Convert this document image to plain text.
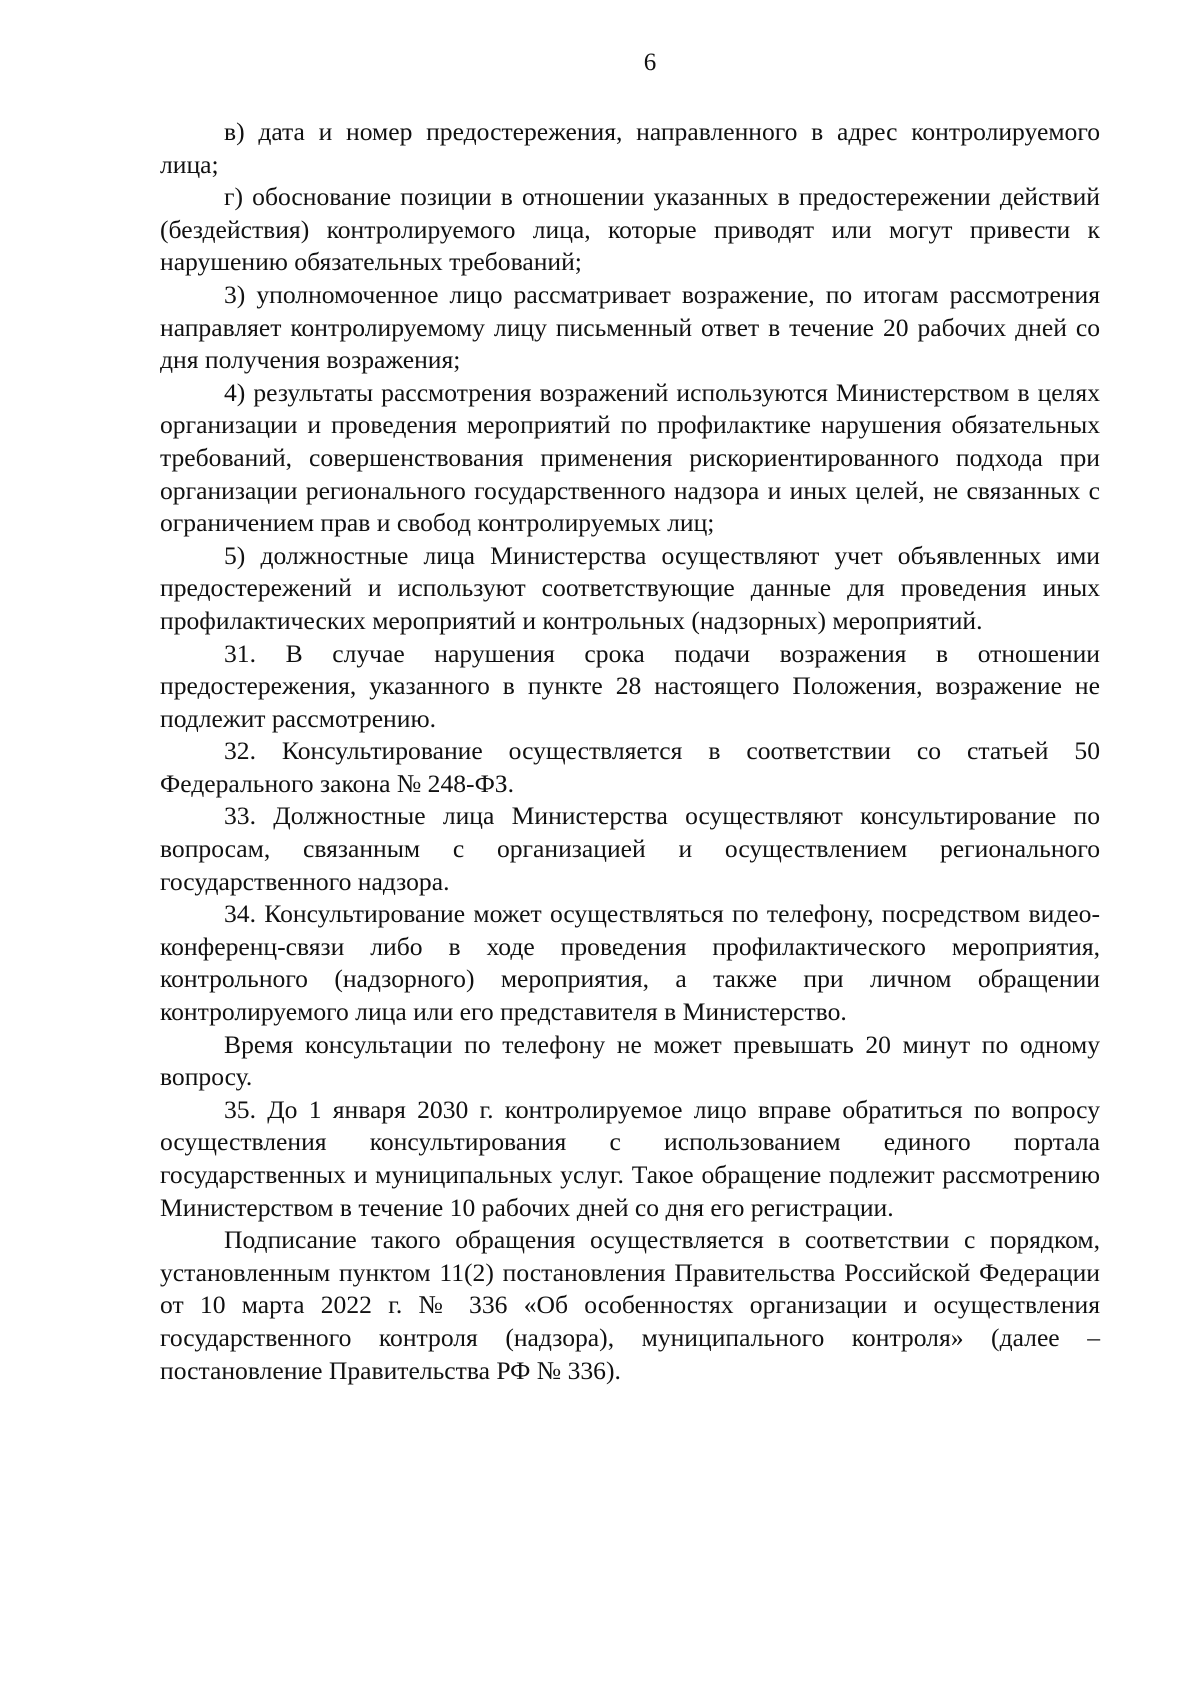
6

в) дата и номер предостережения, направленного в адрес контролируемого лица;

г) обоснование позиции в отношении указанных в предостережении действий (бездействия) контролируемого лица, которые приводят или могут привести к нарушению обязательных требований;

3) уполномоченное лицо рассматривает возражение, по итогам рассмотрения направляет контролируемому лицу письменный ответ в течение 20 рабочих дней со дня получения возражения;

4) результаты рассмотрения возражений используются Министерством в целях организации и проведения мероприятий по профилактике нарушения обязательных требований, совершенствования применения рискориентированного подхода при организации регионального государственного надзора и иных целей, не связанных с ограничением прав и свобод контролируемых лиц;

5) должностные лица Министерства осуществляют учет объявленных ими предостережений и используют соответствующие данные для проведения иных профилактических мероприятий и контрольных (надзорных) мероприятий.

31. В случае нарушения срока подачи возражения в отношении предостережения, указанного в пункте 28 настоящего Положения, возражение не подлежит рассмотрению.

32. Консультирование осуществляется в соответствии со статьей 50 Федерального закона № 248-ФЗ.

33. Должностные лица Министерства осуществляют консультирование по вопросам, связанным с организацией и осуществлением регионального государственного надзора.

34. Консультирование может осуществляться по телефону, посредством видео-конференц-связи либо в ходе проведения профилактического мероприятия, контрольного (надзорного) мероприятия, а также при личном обращении контролируемого лица или его представителя в Министерство.

Время консультации по телефону не может превышать 20 минут по одному вопросу.

35. До 1 января 2030 г. контролируемое лицо вправе обратиться по вопросу осуществления консультирования с использованием единого портала государственных и муниципальных услуг. Такое обращение подлежит рассмотрению Министерством в течение 10 рабочих дней со дня его регистрации.

Подписание такого обращения осуществляется в соответствии с порядком, установленным пунктом 11(2) постановления Правительства Российской Федерации от 10 марта 2022 г. № 336 «Об особенностях организации и осуществления государственного контроля (надзора), муниципального контроля» (далее – постановление Правительства РФ № 336).
